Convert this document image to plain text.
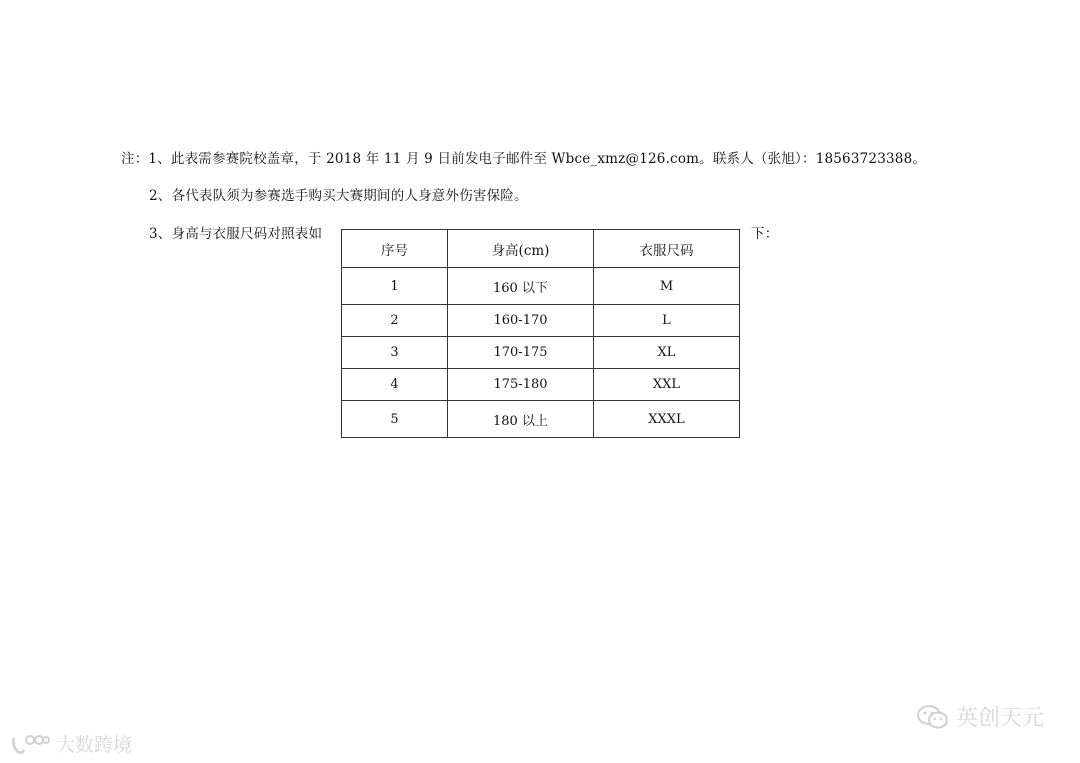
注：1、此表需参赛院校盖章，于 2018 年 11 月 9 日前发电子邮件至 Wbce_xmz@126.com。联系人（张旭）：18563723388。
2、各代表队须为参赛选手购买大赛期间的人身意外伤害保险。
3、身高与衣服尺码对照表如	下：
序号	身高(cm)	衣服尺码
1	160 以下	M
2	160-170	L
3	170-175	XL
4	175-180	XXL
5	180 以上	XXXL
英创天元
大数跨境
